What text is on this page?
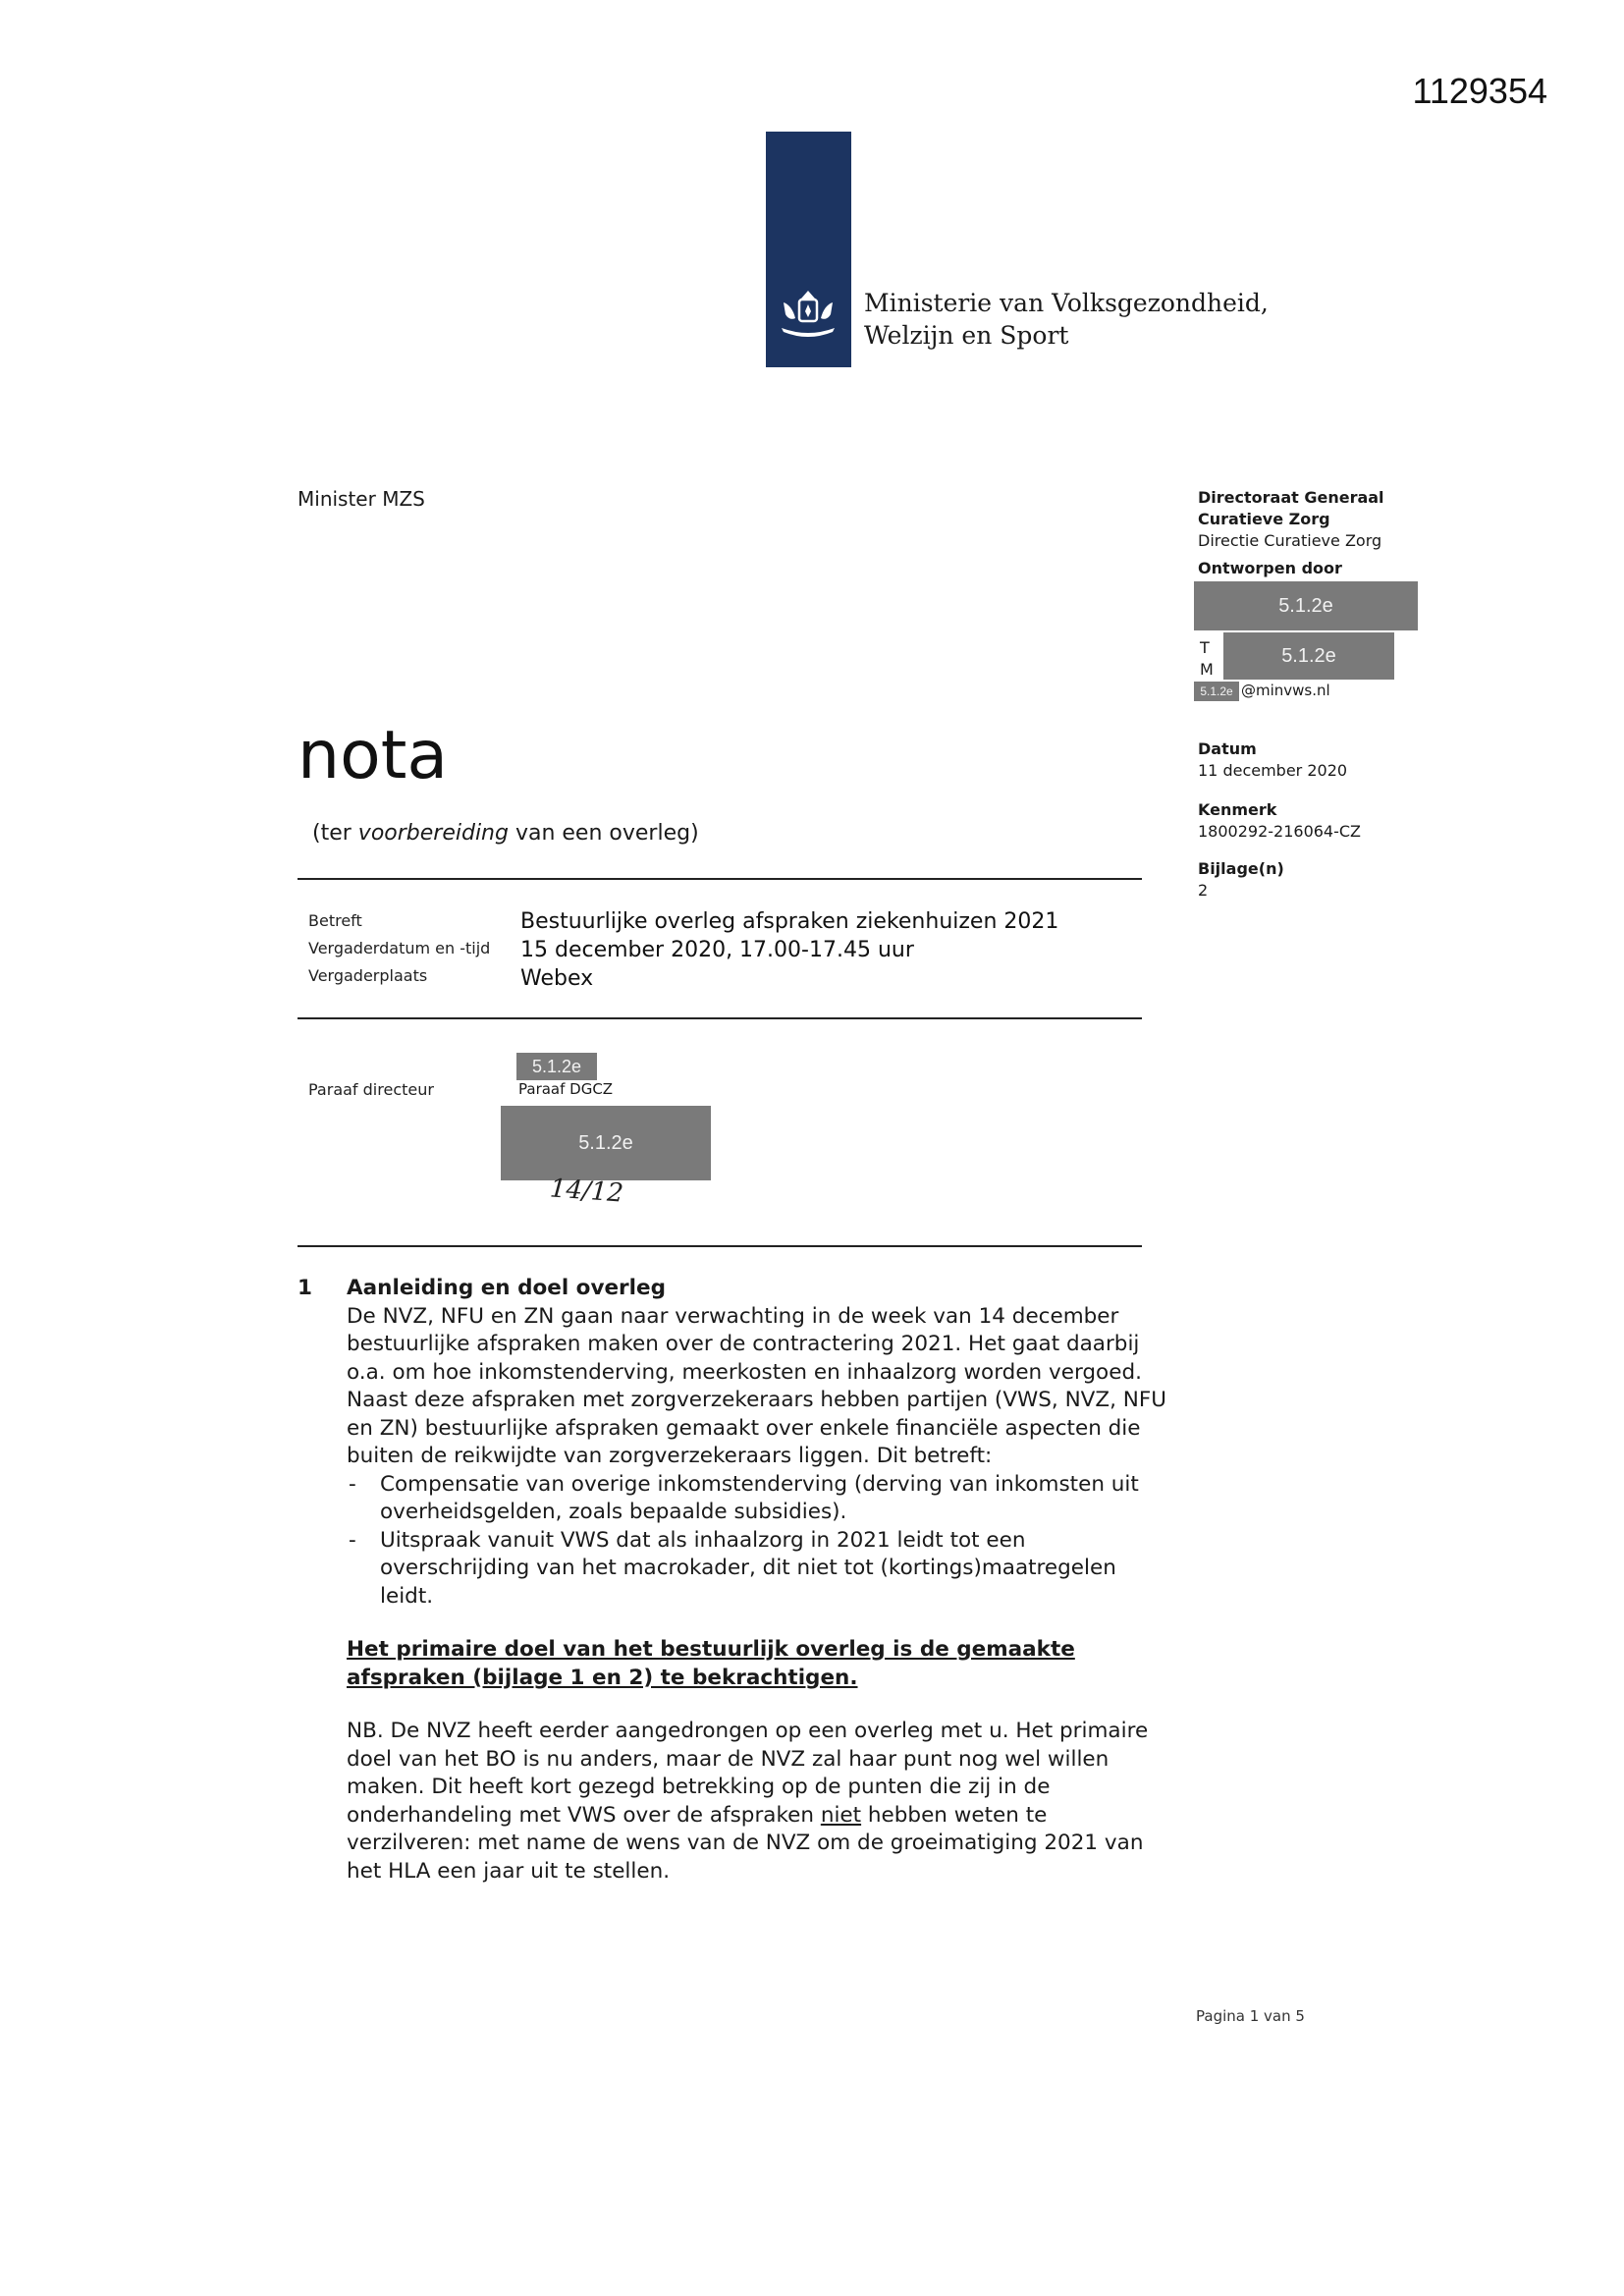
1129354
Ministerie van Volksgezondheid,
Welzijn en Sport
Minister MZS	Directoraat Generaal
Curatieve Zorg
Directie Curatieve Zorg
Ontworpen door
5.1.2e
T
M
5.1.2e
5.1.2e @minvws.nl
Datum
11 december 2020
Kenmerk
1800292-216064-CZ
Bijlage(n)
2
nota
(ter voorbereiding van een overleg)
Betreft	Bestuurlijke overleg afspraken ziekenhuizen 2021
Vergaderdatum en -tijd 15 december 2020, 17.00-17.45 uur
Vergaderplaats	Webex
Paraaf directeur
5.1.2e
Paraaf DGCZ
5.1.2e
14/12
1 Aanleiding en doel overleg
De NVZ, NFU en ZN gaan naar verwachting in de week van 14 december bestuurlijke afspraken maken over de contractering 2021. Het gaat daarbij o.a. om hoe inkomstenderving, meerkosten en inhaalzorg worden vergoed. Naast deze afspraken met zorgverzekeraars hebben partijen (VWS, NVZ, NFU en ZN) bestuurlijke afspraken gemaakt over enkele financiële aspecten die buiten de reikwijdte van zorgverzekeraars liggen. Dit betreft:
- Compensatie van overige inkomstenderving (derving van inkomsten uit overheidsgelden, zoals bepaalde subsidies).
- Uitspraak vanuit VWS dat als inhaalzorg in 2021 leidt tot een overschrijding van het macrokader, dit niet tot (kortings)maatregelen leidt.
Het primaire doel van het bestuurlijk overleg is de gemaakte afspraken (bijlage 1 en 2) te bekrachtigen.
NB. De NVZ heeft eerder aangedrongen op een overleg met u. Het primaire doel van het BO is nu anders, maar de NVZ zal haar punt nog wel willen maken. Dit heeft kort gezegd betrekking op de punten die zij in de onderhandeling met VWS over de afspraken niet hebben weten te verzilveren: met name de wens van de NVZ om de groeimatiging 2021 van het HLA een jaar uit te stellen.
Pagina 1 van 5
